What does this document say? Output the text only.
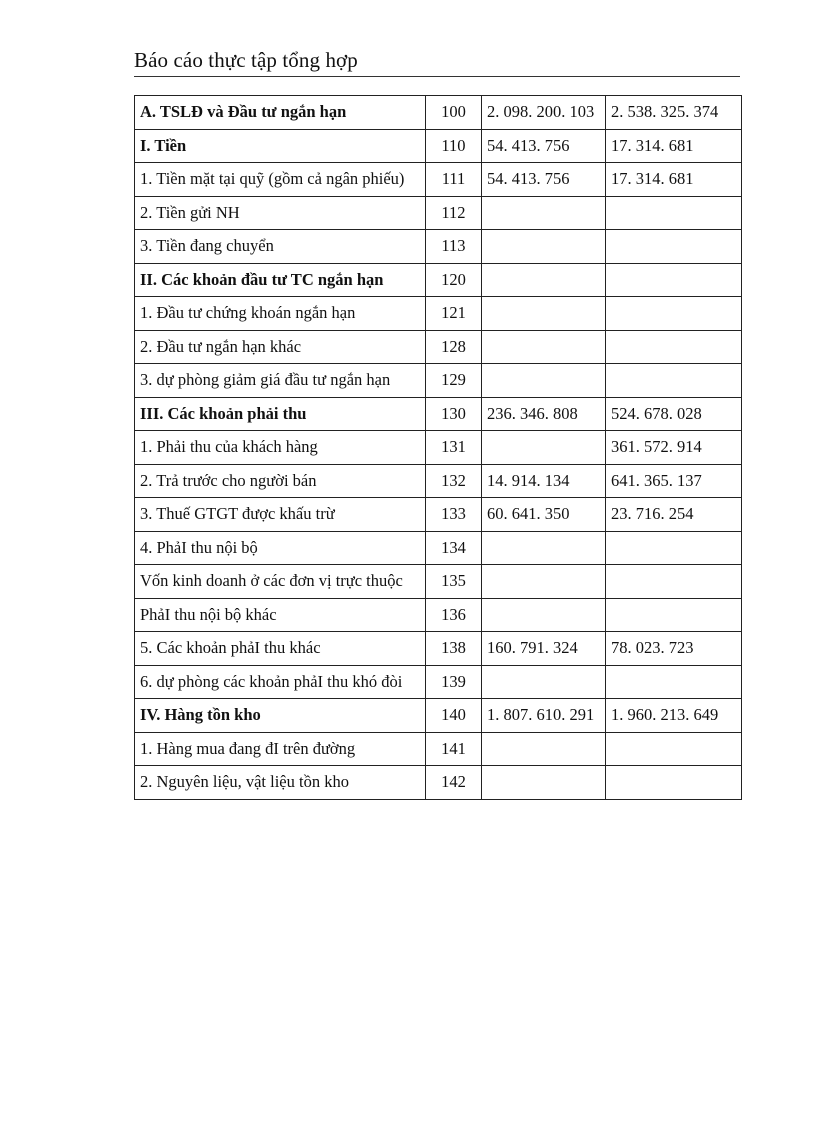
Báo cáo thực tập tổng hợp
A. TSLĐ và Đầu tư ngắn hạn	100	2. 098. 200. 103	2. 538. 325. 374
I. Tiền	110	54. 413. 756	17. 314. 681
1. Tiền mặt tại quỹ (gồm cả ngân phiếu)	111	54. 413. 756	17. 314. 681
2. Tiền gửi NH	112		
3. Tiền đang chuyển	113		
II. Các khoản đầu tư TC ngắn hạn	120		
1. Đầu tư chứng khoán ngắn hạn	121		
2. Đầu tư ngắn hạn khác	128		
3. dự phòng giảm giá đầu tư ngắn hạn	129		
III. Các khoản phải thu	130	236. 346. 808	524. 678. 028
1. Phải thu của khách hàng	131		361. 572. 914
2. Trả trước cho người bán	132	14. 914. 134	641. 365. 137
3. Thuế GTGT được khấu trừ	133	60. 641. 350	23. 716. 254
4. PhảI thu nội bộ	134		
Vốn kinh doanh ở các đơn vị trực thuộc	135		
PhảI thu nội bộ khác	136		
5. Các khoản phảI thu khác	138	160. 791. 324	78. 023. 723
6. dự phòng các khoản phảI thu khó đòi	139		
IV. Hàng tồn kho	140	1. 807. 610. 291	1. 960. 213. 649
1. Hàng mua đang đI trên đường	141		
2. Nguyên liệu, vật liệu tồn kho	142		
